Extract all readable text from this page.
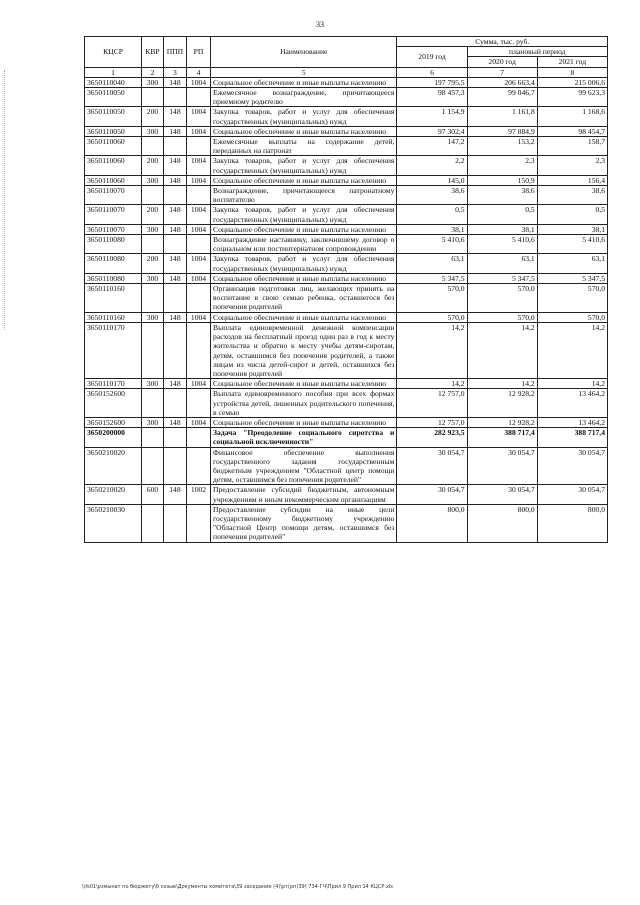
33
КЦСР	КВР	ППП	РП	Наименование	Сумма, тыс. руб.		
					2019 год	плановый период	
						2020 год	2021 год
1	2	3	4	5	6	7	8
3650110040	300	148	1004	Социальное обеспечение и иные выплаты населению	197 795,5	206 663,4	215 006,6
3650110050				Ежемесячное вознаграждение, причитающееся приемному родителю	98 457,3	99 046,7	99 623,3
3650110050	200	148	1004	Закупка товаров, работ и услуг для обеспечения государственных (муниципальных) нужд	1 154,9	1 161,8	1 168,6
3650110050	300	148	1004	Социальное обеспечение и иные выплаты населению	97 302,4	97 884,9	98 454,7
3650110060				Ежемесячные выплаты на содержание детей, переданных на патронат	147,2	153,2	158,7
3650110060	200	148	1004	Закупка товаров, работ и услуг для обеспечения государственных (муниципальных) нужд	2,2	2,3	2,3
3650110060	300	148	1004	Социальное обеспечение и иные выплаты населению	145,0	150,9	156,4
3650110070				Вознаграждение, причитающееся патронатному воспитателю	38,6	38,6	38,6
3650110070	200	148	1004	Закупка товаров, работ и услуг для обеспечения государственных (муниципальных) нужд	0,5	0,5	0,5
3650110070	300	148	1004	Социальное обеспечение и иные выплаты населению	38,1	38,1	38,1
3650110080				Вознаграждение наставнику, заключившему договор о социальном или постинтернатном сопровождении	5 410,6	5 410,6	5 410,6
3650110080	200	148	1004	Закупка товаров, работ и услуг для обеспечения государственных (муниципальных) нужд	63,1	63,1	63,1
3650110080	300	148	1004	Социальное обеспечение и иные выплаты населению	5 347,5	5 347,5	5 347,5
3650110160				Организация подготовки лиц, желающих принять на воспитание в свою семью ребенка, оставшегося без попечения родителей	570,0	570,0	570,0
3650110160	300	148	1004	Социальное обеспечение и иные выплаты населению	570,0	570,0	570,0
3650110170				Выплата единовременной денежной компенсации расходов на бесплатный проезд один раз в год к месту жительства и обратно к месту учебы детям-сиротам, детям, оставшимся без попечения родителей, а также лицам из числа детей-сирот и детей, оставшихся без попечения родителей	14,2	14,2	14,2
3650110170	300	148	1004	Социальное обеспечение и иные выплаты населению	14,2	14,2	14,2
3650152600				Выплата единовременного пособия при всех формах устройства детей, лишенных родительского попечения, в семью	12 757,0	12 928,2	13 464,2
3650152600	300	148	1004	Социальное обеспечение и иные выплаты населению	12 757,0	12 928,2	13 464,2
3650200000				Задача "Преодоление социального сиротства и социальной исключенности"	282 923,5	388 717,4	388 717,4
3650210020				Финансовое обеспечение выполнения государственного задания государственным бюджетным учреждением "Областной центр помощи детям, оставшимся без попечения родителей"	30 054,7	30 054,7	30 054,7
3650210020	600	148	1002	Предоставление субсидий бюджетным, автономным учреждениям и иным некоммерческим организациям	30 054,7	30 054,7	30 054,7
3650210030				Предоставление субсидии на иные цели государственному бюджетному учреждению "Областной Центр помощи детям, оставшимся без попечения родителей"	800,0	800,0	800,0
\\fs01\рзмынат по бюджету\б созыв\Документы комитета\39 заседание (4)\рт(рп)39) 734-ГЧ\Прил 9 Прил 14 КЦСР.xls
